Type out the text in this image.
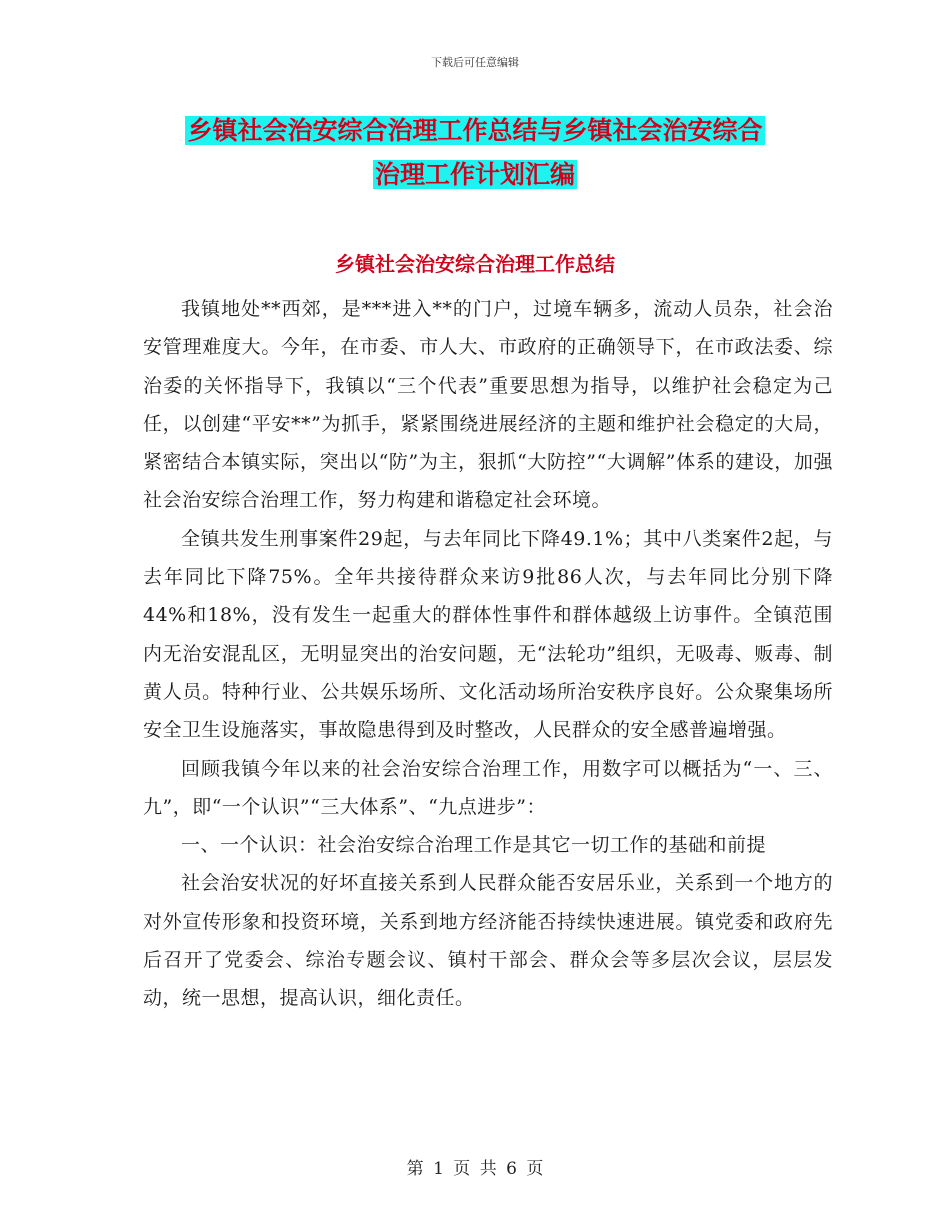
下载后可任意编辑
乡镇社会治安综合治理工作总结与乡镇社会治安综合
治理工作计划汇编
乡镇社会治安综合治理工作总结

我镇地处**西郊，是***进入**的门户，过境车辆多，流动人员杂，社会治安管理难度大。今年，在市委、市人大、市政府的正确领导下，在市政法委、综治委的关怀指导下，我镇以“三个代表”重要思想为指导，以维护社会稳定为己任，以创建“平安**”为抓手，紧紧围绕进展经济的主题和维护社会稳定的大局，紧密结合本镇实际，突出以“防”为主，狠抓“大防控”“大调解”体系的建设，加强社会治安综合治理工作，努力构建和谐稳定社会环境。

全镇共发生刑事案件29起，与去年同比下降49.1%；其中八类案件2起，与去年同比下降75%。全年共接待群众来访9批86人次，与去年同比分别下降44%和18%，没有发生一起重大的群体性事件和群体越级上访事件。全镇范围内无治安混乱区，无明显突出的治安问题，无“法轮功”组织，无吸毒、贩毒、制黄人员。特种行业、公共娱乐场所、文化活动场所治安秩序良好。公众聚集场所安全卫生设施落实，事故隐患得到及时整改，人民群众的安全感普遍增强。

回顾我镇今年以来的社会治安综合治理工作，用数字可以概括为“一、三、九”，即“一个认识”“三大体系”、“九点进步”：

一、一个认识：社会治安综合治理工作是其它一切工作的基础和前提

社会治安状况的好坏直接关系到人民群众能否安居乐业，关系到一个地方的对外宣传形象和投资环境，关系到地方经济能否持续快速进展。镇党委和政府先后召开了党委会、综治专题会议、镇村干部会、群众会等多层次会议，层层发动，统一思想，提高认识，细化责任。

第 1 页 共 6 页
